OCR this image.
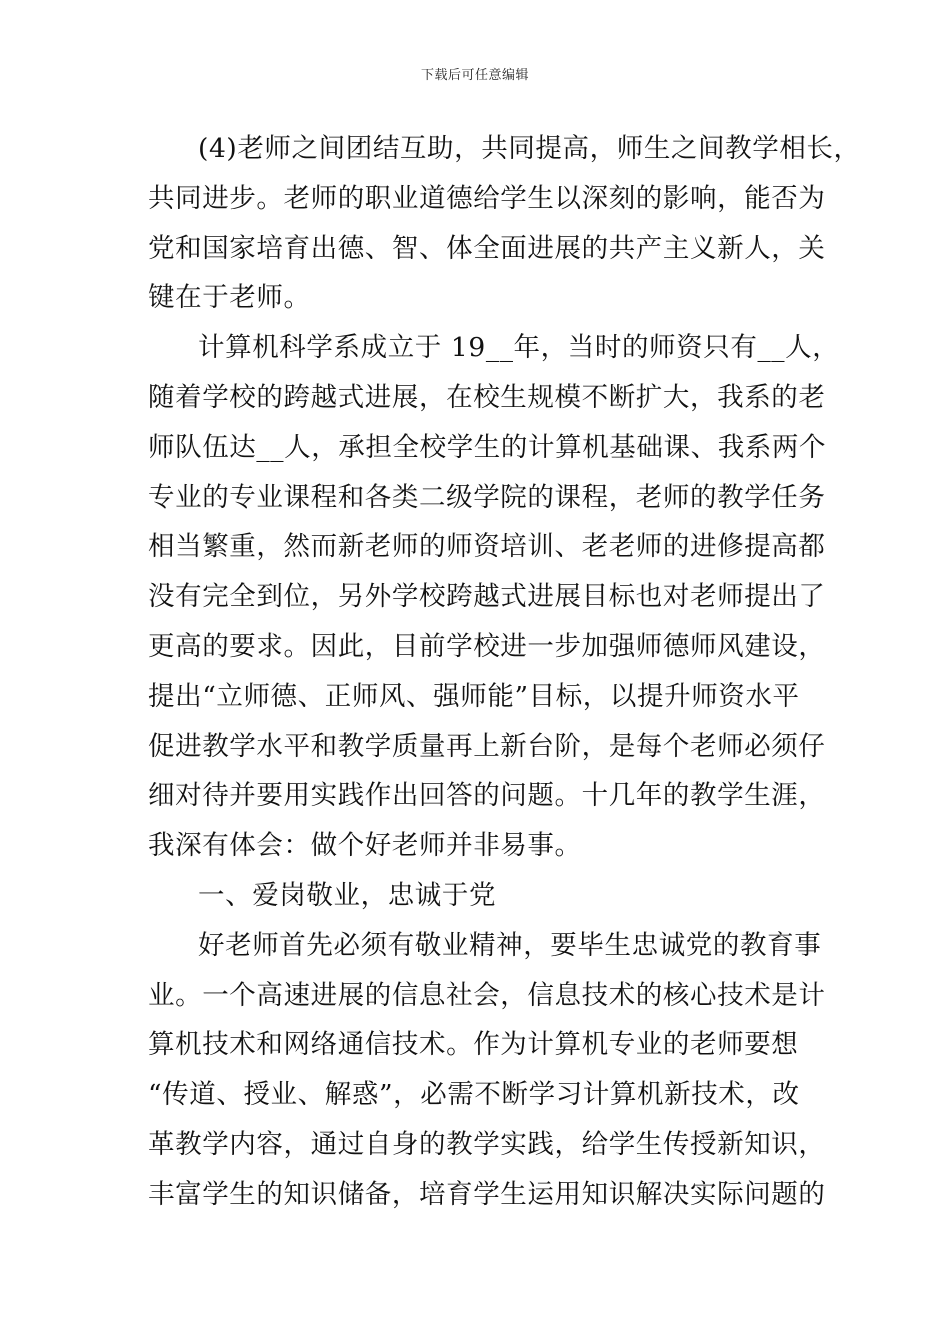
下载后可任意编辑

(4)老师之间团结互助，共同提高，师生之间教学相长，

共同进步。老师的职业道德给学生以深刻的影响，能否为

党和国家培育出德、智、体全面进展的共产主义新人，关

键在于老师。

计算机科学系成立于 19__年，当时的师资只有__人，

随着学校的跨越式进展，在校生规模不断扩大，我系的老

师队伍达__人，承担全校学生的计算机基础课、我系两个

专业的专业课程和各类二级学院的课程，老师的教学任务

相当繁重，然而新老师的师资培训、老老师的进修提高都

没有完全到位，另外学校跨越式进展目标也对老师提出了

更高的要求。因此，目前学校进一步加强师德师风建设，

提出“立师德、正师风、强师能”目标，以提升师资水平

促进教学水平和教学质量再上新台阶，是每个老师必须仔

细对待并要用实践作出回答的问题。十几年的教学生涯，

我深有体会：做个好老师并非易事。

一、爱岗敬业，忠诚于党

好老师首先必须有敬业精神，要毕生忠诚党的教育事

业。一个高速进展的信息社会，信息技术的核心技术是计

算机技术和网络通信技术。作为计算机专业的老师要想

“传道、授业、解惑”，必需不断学习计算机新技术，改

革教学内容，通过自身的教学实践，给学生传授新知识，

丰富学生的知识储备，培育学生运用知识解决实际问题的
